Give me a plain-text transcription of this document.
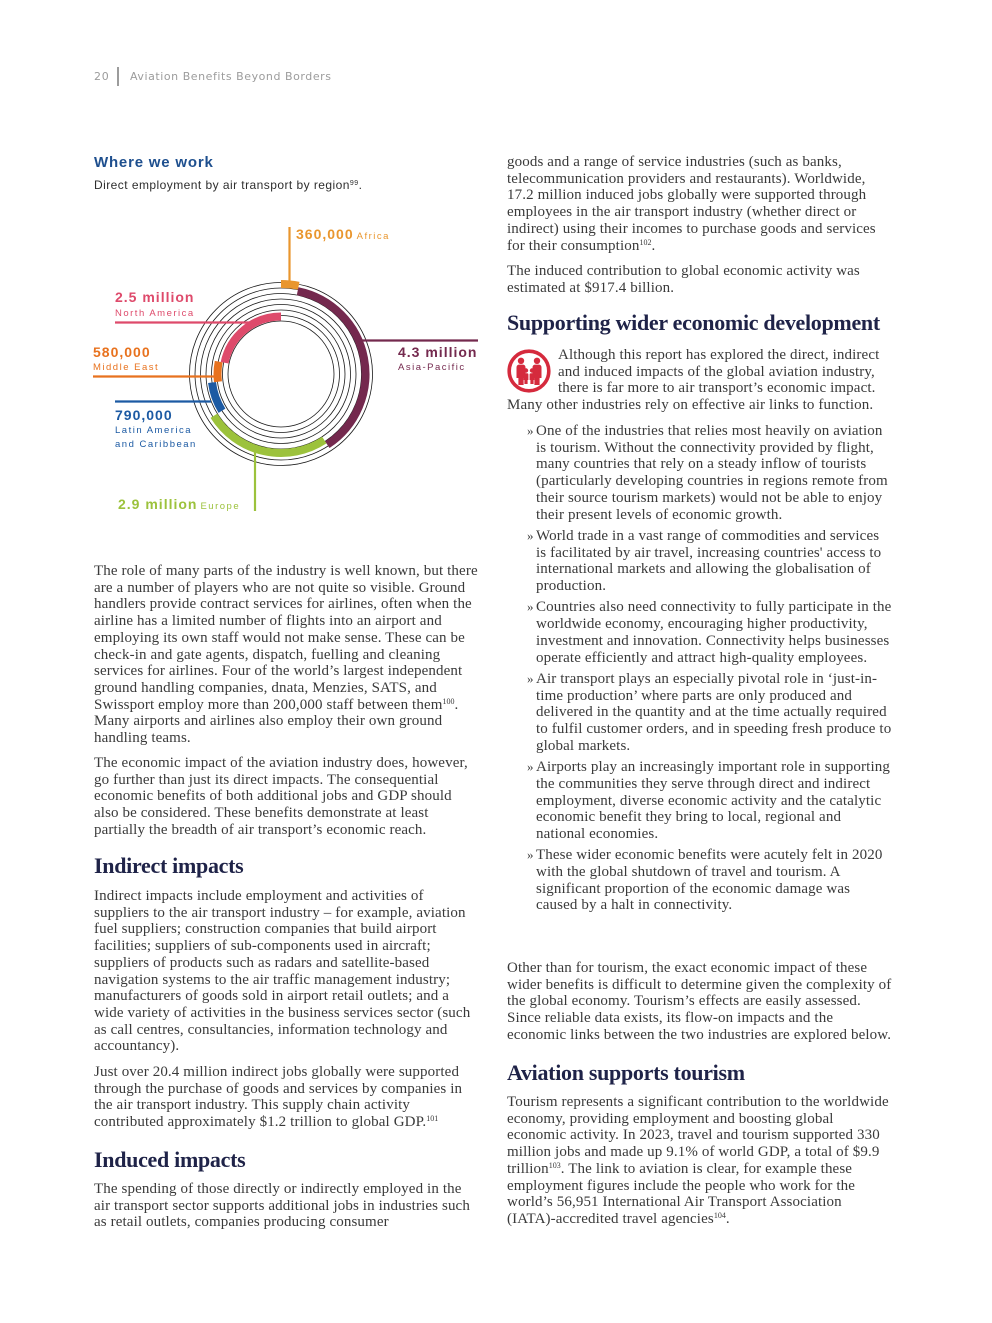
20 Aviation Benefits Beyond Borders
Where we work
Direct employment by air transport by region$^{99}$.
360,000 Africa
2.5 million
North America
580,000
Middle East
4.3 million
Asia-Pacific
790,000
Latin America
and Caribbean
2.9 million Europe

The role of many parts of the industry is well known, but there are a number of players who are not quite so visible. Ground handlers provide contract services for airlines, often when the airline has a limited number of flights into an airport and employing its own staff would not make sense. These can be check-in and gate agents, dispatch, fuelling and cleaning services for airlines. Four of the world’s largest independent ground handling companies, dnata, Menzies, SATS, and Swissport employ more than 200,000 staff between them$^{100}$. Many airports and airlines also employ their own ground handling teams.

The economic impact of the aviation industry does, however, go further than just its direct impacts. The consequential economic benefits of both additional jobs and GDP should also be considered. These benefits demonstrate at least partially the breadth of air transport’s economic reach.

Indirect impacts

Indirect impacts include employment and activities of suppliers to the air transport industry – for example, aviation fuel suppliers; construction companies that build airport facilities; suppliers of sub-components used in aircraft; suppliers of products such as radars and satellite-based navigation systems to the air traffic management industry; manufacturers of goods sold in airport retail outlets; and a wide variety of activities in the business services sector (such as call centres, consultancies, information technology and accountancy).

Just over 20.4 million indirect jobs globally were supported through the purchase of goods and services by companies in the air transport industry. This supply chain activity contributed approximately $1.2 trillion to global GDP.$^{101}$

Induced impacts

The spending of those directly or indirectly employed in the air transport sector supports additional jobs in industries such as retail outlets, companies producing consumer

goods and a range of service industries (such as banks, telecommunication providers and restaurants). Worldwide, 17.2 million induced jobs globally were supported through employees in the air transport industry (whether direct or indirect) using their incomes to purchase goods and services for their consumption$^{102}$.

The induced contribution to global economic activity was estimated at $917.4 billion.

Supporting wider economic development
Although this report has explored the direct, indirect and induced impacts of the global aviation industry, there is far more to air transport’s economic impact. Many other industries rely on effective air links to function.
» One of the industries that relies most heavily on aviation is tourism. Without the connectivity provided by flight, many countries that rely on a steady inflow of tourists (particularly developing countries in regions remote from their source tourism markets) would not be able to enjoy their present levels of economic growth.
» World trade in a vast range of commodities and services is facilitated by air travel, increasing countries' access to international markets and allowing the globalisation of production.
» Countries also need connectivity to fully participate in the worldwide economy, encouraging higher productivity, investment and innovation. Connectivity helps businesses operate efficiently and attract high-quality employees.
» Air transport plays an especially pivotal role in ‘just-in-time production’ where parts are only produced and delivered in the quantity and at the time actually required to fulfil customer orders, and in speeding fresh produce to global markets.
» Airports play an increasingly important role in supporting the communities they serve through direct and indirect employment, diverse economic activity and the catalytic economic benefit they bring to local, regional and national economies.
» These wider economic benefits were acutely felt in 2020 with the global shutdown of travel and tourism. A significant proportion of the economic damage was caused by a halt in connectivity.

Other than for tourism, the exact economic impact of these wider benefits is difficult to determine given the complexity of the global economy. Tourism’s effects are easily assessed. Since reliable data exists, its flow-on impacts and the economic links between the two industries are explored below.

Aviation supports tourism

Tourism represents a significant contribution to the worldwide economy, providing employment and boosting global economic activity. In 2023, travel and tourism supported 330 million jobs and made up 9.1% of world GDP, a total of $9.9 trillion$^{103}$. The link to aviation is clear, for example these employment figures include the people who work for the world’s 56,951 International Air Transport Association (IATA)-accredited travel agencies$^{104}$.
